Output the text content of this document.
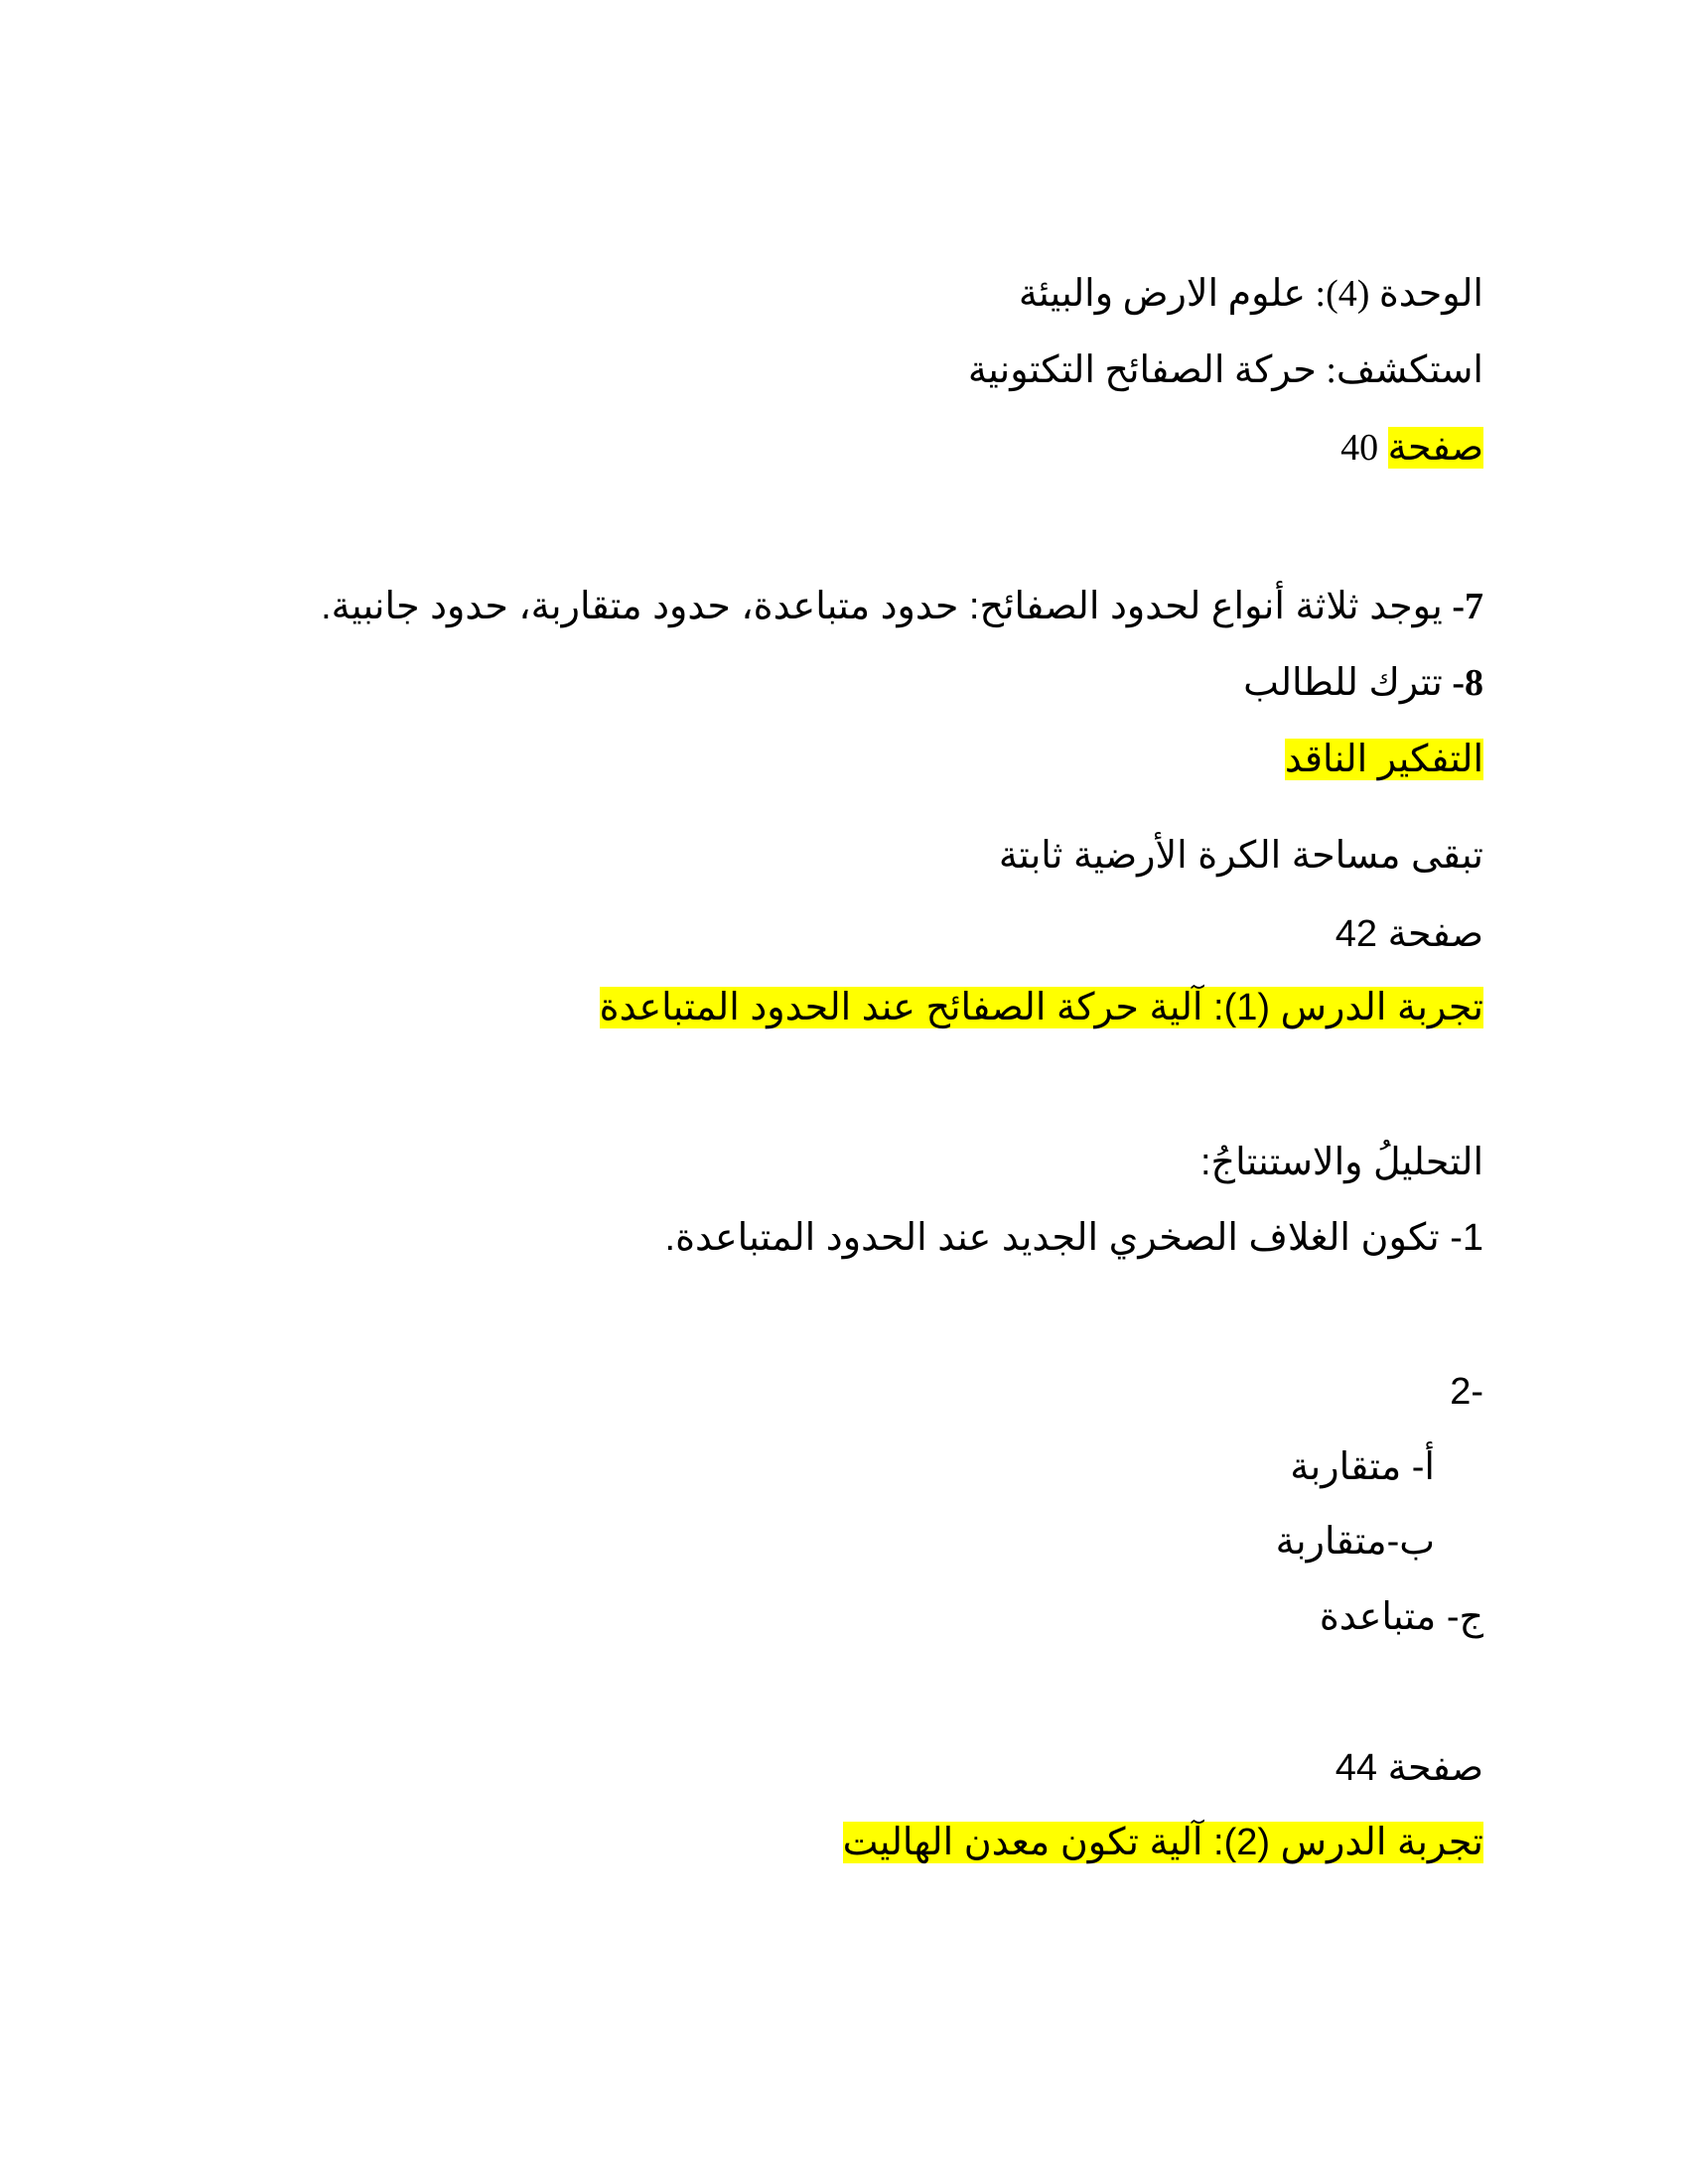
الوحدة (4): علوم الارض والبيئة
استكشف: حركة الصفائح التكتونية
صفحة 40
7- يوجد ثلاثة أنواع لحدود الصفائح: حدود متباعدة، حدود متقاربة، حدود جانبية.
8- تترك للطالب
التفكير الناقد
تبقى مساحة الكرة الأرضية ثابتة
صفحة 42
تجربة الدرس (1): آلية حركة الصفائح عند الحدود المتباعدة
التحليلُ والاستنتاجُ:
1- تكون الغلاف الصخري الجديد عند الحدود المتباعدة.
-2
أ- متقاربة
ب-متقاربة
ج- متباعدة
صفحة 44
تجربة الدرس (2): آلية تكون معدن الهاليت
